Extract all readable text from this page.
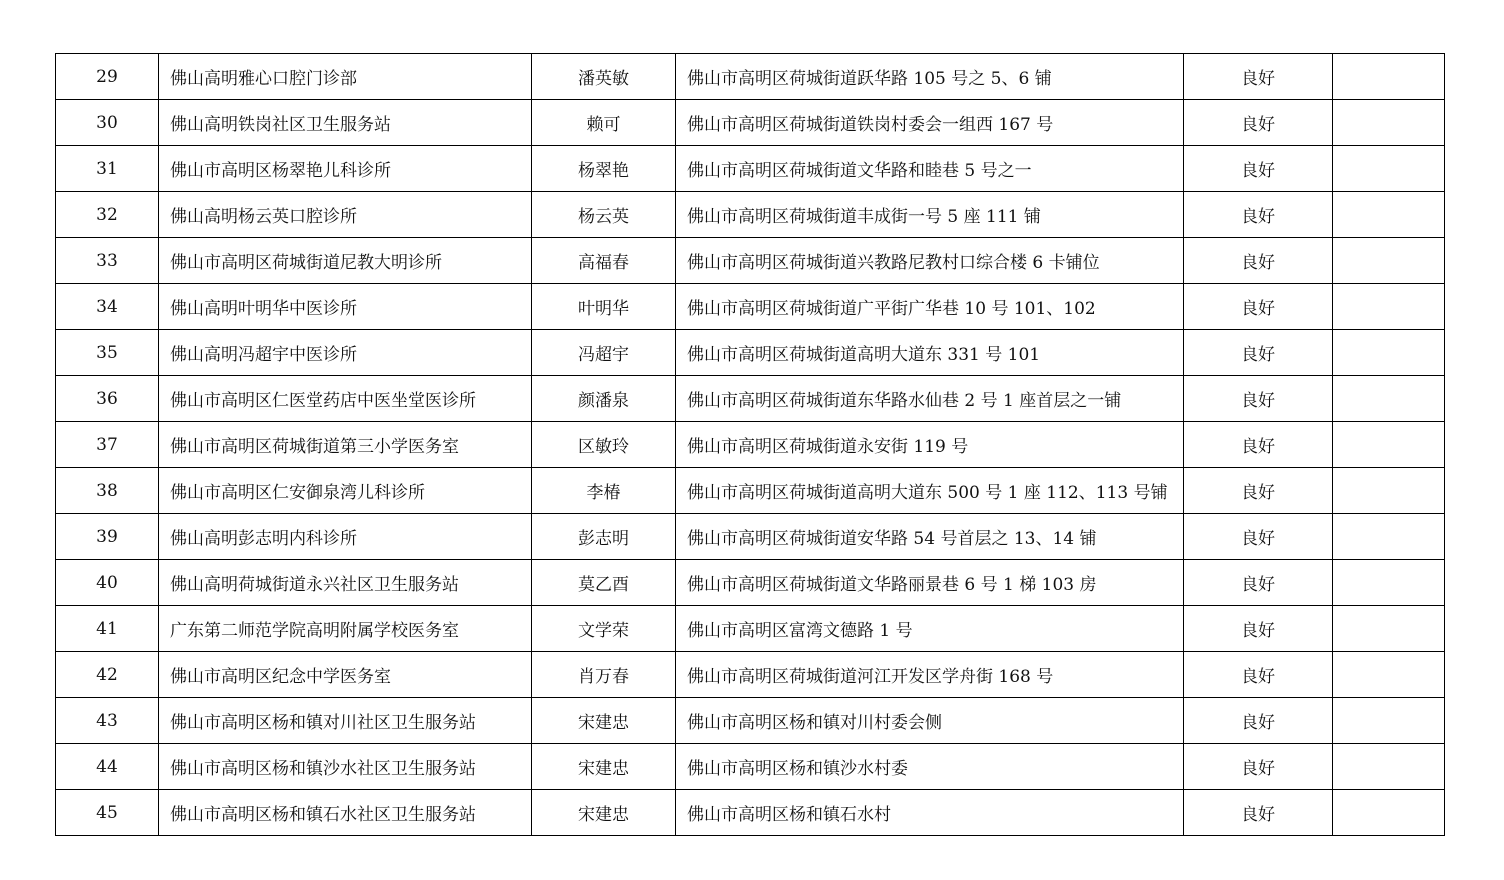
29	佛山高明雅心口腔门诊部	潘英敏	佛山市高明区荷城街道跃华路 105 号之 5、6 铺	良好	
30	佛山高明铁岗社区卫生服务站	赖可	佛山市高明区荷城街道铁岗村委会一组西 167 号	良好	
31	佛山市高明区杨翠艳儿科诊所	杨翠艳	佛山市高明区荷城街道文华路和睦巷 5 号之一	良好	
32	佛山高明杨云英口腔诊所	杨云英	佛山市高明区荷城街道丰成街一号 5 座 111 铺	良好	
33	佛山市高明区荷城街道尼教大明诊所	高福春	佛山市高明区荷城街道兴教路尼教村口综合楼 6 卡铺位	良好	
34	佛山高明叶明华中医诊所	叶明华	佛山市高明区荷城街道广平街广华巷 10 号 101、102	良好	
35	佛山高明冯超宇中医诊所	冯超宇	佛山市高明区荷城街道高明大道东 331 号 101	良好	
36	佛山市高明区仁医堂药店中医坐堂医诊所	颜潘泉	佛山市高明区荷城街道东华路水仙巷 2 号 1 座首层之一铺	良好	
37	佛山市高明区荷城街道第三小学医务室	区敏玲	佛山市高明区荷城街道永安街 119 号	良好	
38	佛山市高明区仁安御泉湾儿科诊所	李椿	佛山市高明区荷城街道高明大道东 500 号 1 座 112、113 号铺	良好	
39	佛山高明彭志明内科诊所	彭志明	佛山市高明区荷城街道安华路 54 号首层之 13、14 铺	良好	
40	佛山高明荷城街道永兴社区卫生服务站	莫乙酉	佛山市高明区荷城街道文华路丽景巷 6 号 1 梯 103 房	良好	
41	广东第二师范学院高明附属学校医务室	文学荣	佛山市高明区富湾文德路 1 号	良好	
42	佛山市高明区纪念中学医务室	肖万春	佛山市高明区荷城街道河江开发区学舟街 168 号	良好	
43	佛山市高明区杨和镇对川社区卫生服务站	宋建忠	佛山市高明区杨和镇对川村委会侧	良好	
44	佛山市高明区杨和镇沙水社区卫生服务站	宋建忠	佛山市高明区杨和镇沙水村委	良好	
45	佛山市高明区杨和镇石水社区卫生服务站	宋建忠	佛山市高明区杨和镇石水村	良好	
